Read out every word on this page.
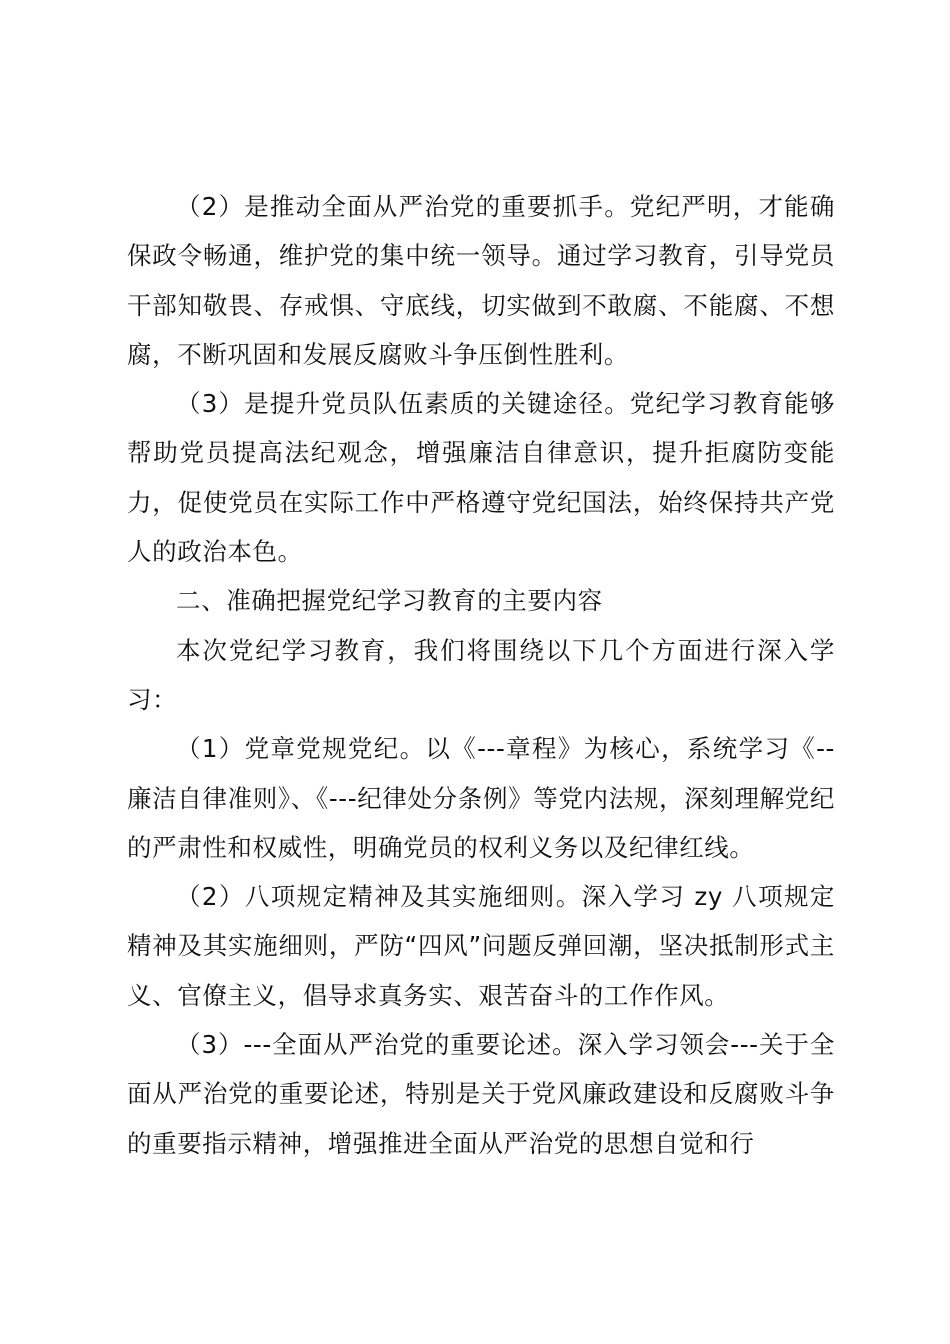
（2）是推动全面从严治党的重要抓手。党纪严明，才能确保政令畅通，维护党的集中统一领导。通过学习教育，引导党员干部知敬畏、存戒惧、守底线，切实做到不敢腐、不能腐、不想腐，不断巩固和发展反腐败斗争压倒性胜利。

（3）是提升党员队伍素质的关键途径。党纪学习教育能够帮助党员提高法纪观念，增强廉洁自律意识，提升拒腐防变能力，促使党员在实际工作中严格遵守党纪国法，始终保持共产党人的政治本色。

二、准确把握党纪学习教育的主要内容

本次党纪学习教育，我们将围绕以下几个方面进行深入学习：

（1）党章党规党纪。以《---章程》为核心，系统学习《--廉洁自律准则》、《---纪律处分条例》等党内法规，深刻理解党纪的严肃性和权威性，明确党员的权利义务以及纪律红线。

（2）八项规定精神及其实施细则。深入学习 zy 八项规定精神及其实施细则，严防“四风”问题反弹回潮，坚决抵制形式主义、官僚主义，倡导求真务实、艰苦奋斗的工作作风。

（3）---全面从严治党的重要论述。深入学习领会---关于全面从严治党的重要论述，特别是关于党风廉政建设和反腐败斗争的重要指示精神，增强推进全面从严治党的思想自觉和行
